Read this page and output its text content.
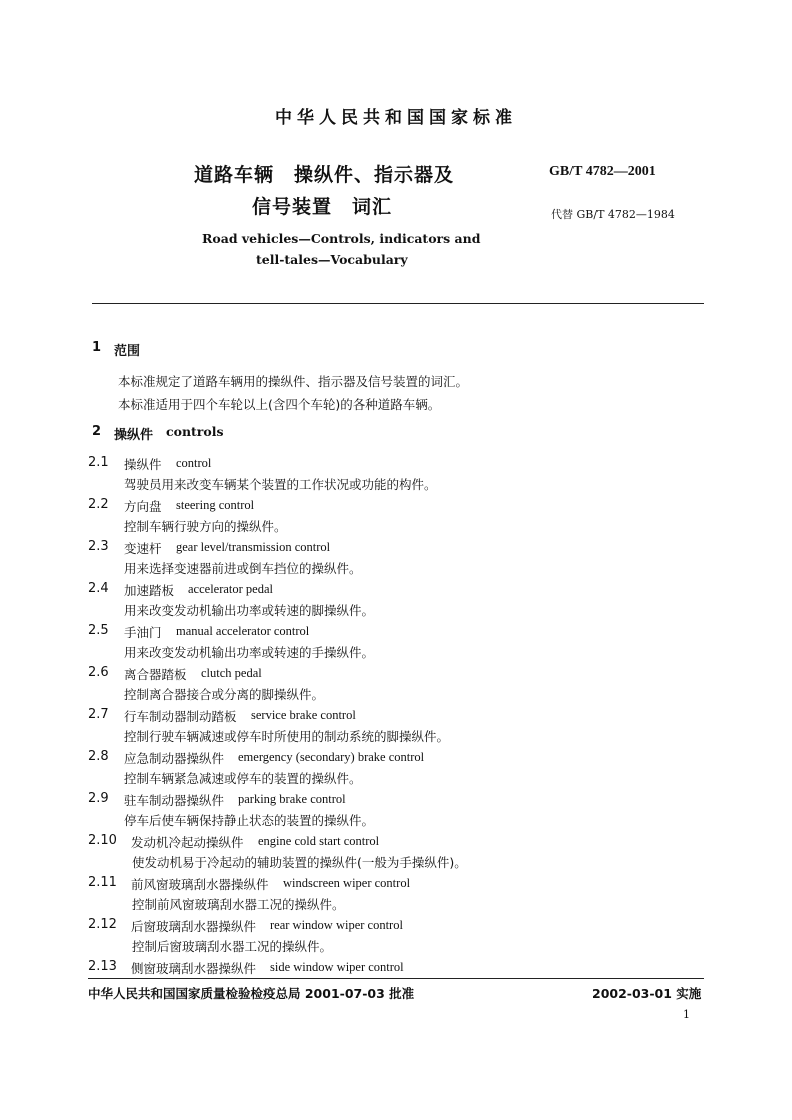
中华人民共和国国家标准
道路车辆　操纵件、指示器及
信号装置　词汇
Road vehicles—Controls, indicators and
tell-tales—Vocabulary
GB/T 4782—2001
代替 GB/T 4782—1984
1 范围
本标准规定了道路车辆用的操纵件、指示器及信号装置的词汇。
本标准适用于四个车轮以上(含四个车轮)的各种道路车辆。
2 操纵件 controls
2.1 操纵件 control
驾驶员用来改变车辆某个装置的工作状况或功能的构件。
2.2 方向盘 steering control
控制车辆行驶方向的操纵件。
2.3 变速杆 gear level/transmission control
用来选择变速器前进或倒车挡位的操纵件。
2.4 加速踏板 accelerator pedal
用来改变发动机输出功率或转速的脚操纵件。
2.5 手油门 manual accelerator control
用来改变发动机输出功率或转速的手操纵件。
2.6 离合器踏板 clutch pedal
控制离合器接合或分离的脚操纵件。
2.7 行车制动器制动踏板 service brake control
控制行驶车辆减速或停车时所使用的制动系统的脚操纵件。
2.8 应急制动器操纵件 emergency (secondary) brake control
控制车辆紧急减速或停车的装置的操纵件。
2.9 驻车制动器操纵件 parking brake control
停车后使车辆保持静止状态的装置的操纵件。
2.10 发动机冷起动操纵件 engine cold start control
使发动机易于冷起动的辅助装置的操纵件(一般为手操纵件)。
2.11 前风窗玻璃刮水器操纵件 windscreen wiper control
控制前风窗玻璃刮水器工况的操纵件。
2.12 后窗玻璃刮水器操纵件 rear window wiper control
控制后窗玻璃刮水器工况的操纵件。
2.13 侧窗玻璃刮水器操纵件 side window wiper control
中华人民共和国国家质量检验检疫总局 2001-07-03 批准	2002-03-01 实施
1
